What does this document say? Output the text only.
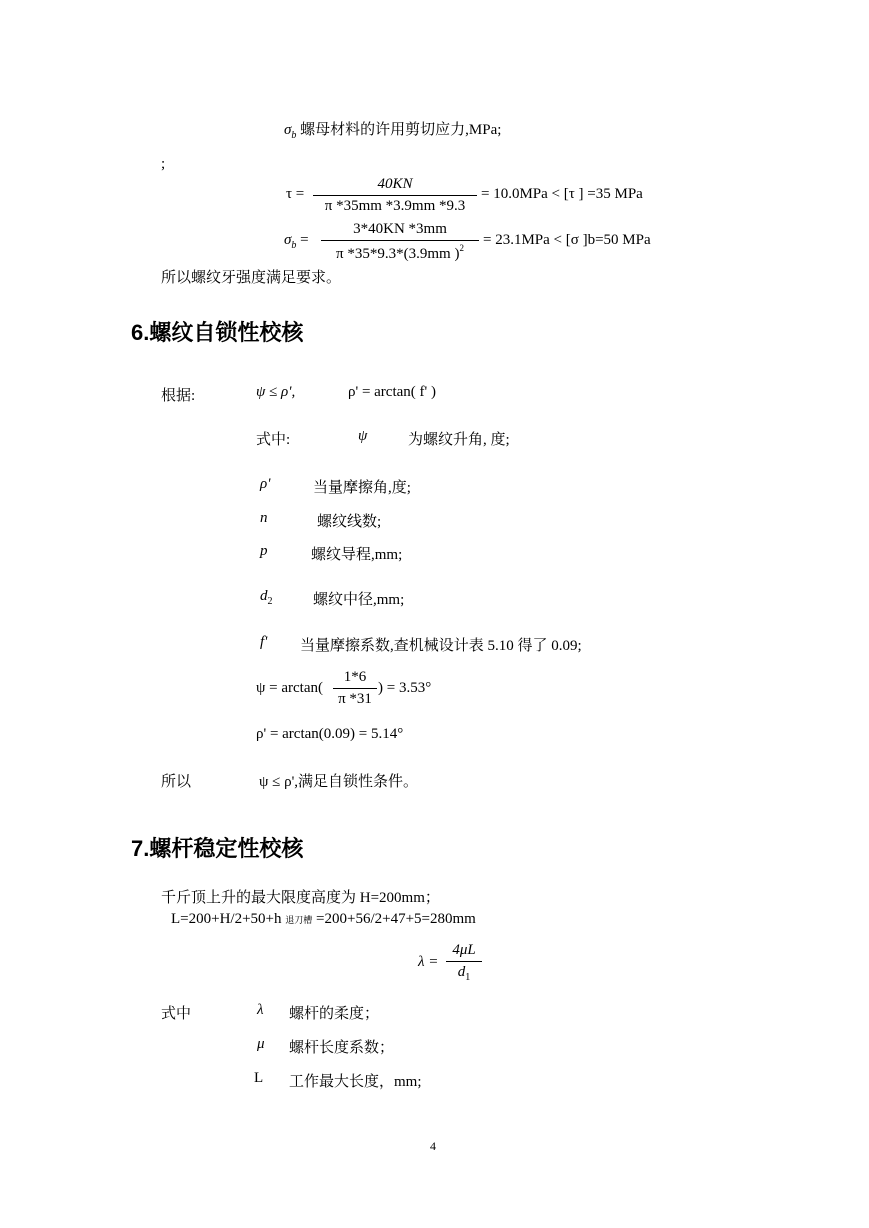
$\sigma_b$ 螺母材料的许用剪切应力,MPa;
;
τ =
40KN
π *35mm *3.9mm *9.3
= 10.0MPa < [τ ] =35 MPa
$\sigma_b$ =
3*40KN *3mm
π *35*9.3*(3.9mm )$^2$	= 23.1MPa < [σ ]b=50 MPa
所以螺纹牙强度满足要求。
6.螺纹自锁性校核
根据:	ψ ≤ ρ',	ρ' = arctan( f' )
式中:	ψ	为螺纹升角, 度;
ρ'	当量摩擦角,度;
n	螺纹线数;
p	螺纹导程,mm;
$d_2$	螺纹中径,mm;
f' 当量摩擦系数,查机械设计表 5.10 得了 0.09;
ψ = arctan(
1*6
π *31
) = 3.53°
ρ' = arctan(0.09) = 5.14°
所以	ψ ≤ ρ',满足自锁性条件。
7.螺杆稳定性校核
千斤顶上升的最大限度高度为 H=200mm；
L=200+H/2+50+h 退刀槽 =200+56/2+47+5=280mm
λ =
4μL
$d_1$
式中	λ 螺杆的柔度；
μ 螺杆长度系数；
L 工作最大长度，mm;
4
